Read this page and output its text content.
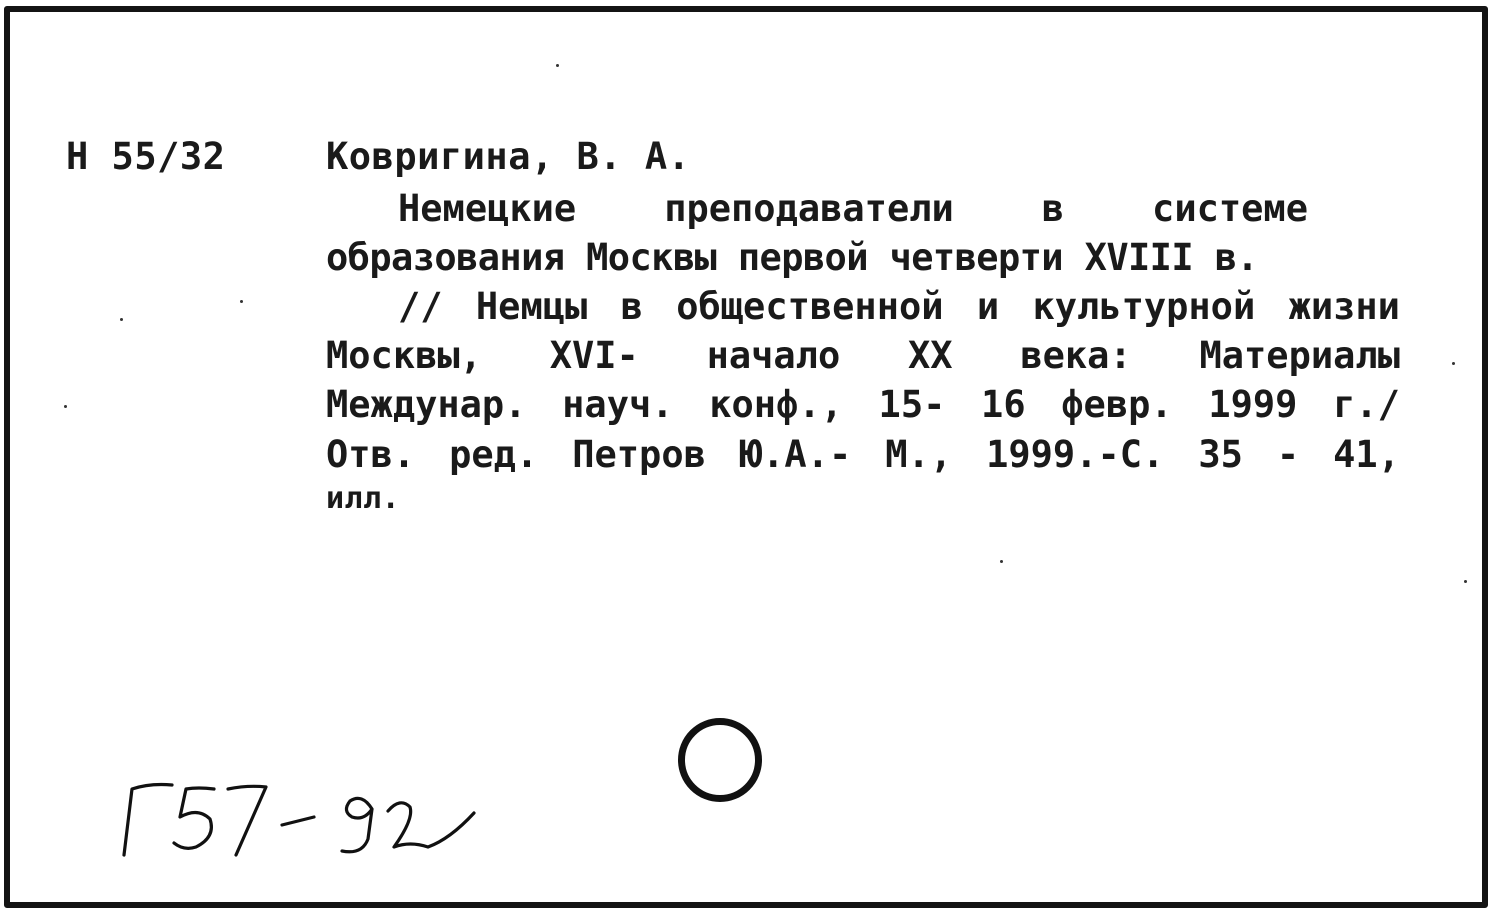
Н 55/32	Ковригина, В. А.
Немецкие преподаватели в системе
образования Москвы первой четверти XVIII в.
// Немцы в общественной и культурной жизни
Москвы, XVI- начало XX века: Материалы
Междунар. науч. конф., 15- 16 февр. 1999 г./
Отв. ред. Петров Ю.А.- М., 1999.-С. 35 - 41,
илл.
